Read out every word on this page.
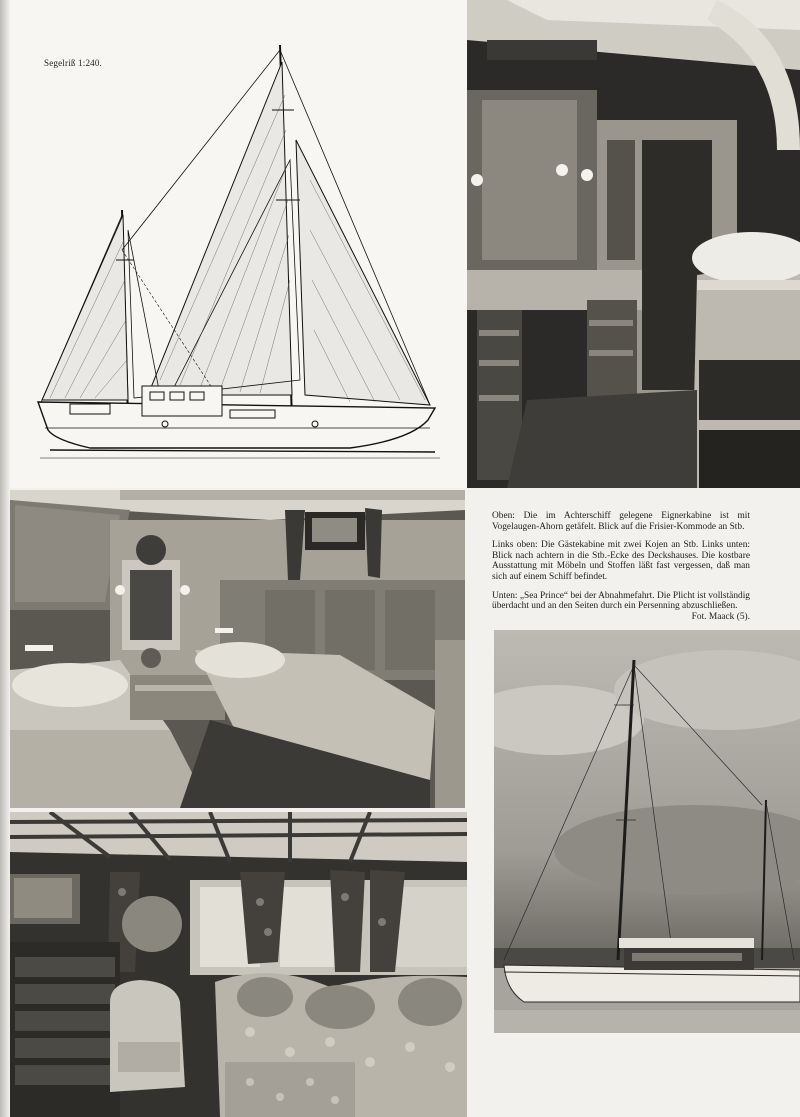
Segelriß 1:240.

Oben: Die im Achterschiff gelegene Eignerkabine ist mit Vogelaugen-Ahorn getäfelt. Blick auf die Frisier-Kommode an Stb.

Links oben: Die Gästekabine mit zwei Kojen an Stb. Links unten: Blick nach achtern in die Stb.-Ecke des Deckshauses. Die kostbare Ausstattung mit Möbeln und Stoffen läßt fast vergessen, daß man sich auf einem Schiff befindet.

Unten: „Sea Prince“ bei der Abnahmefahrt. Die Plicht ist vollständig überdacht und an den Seiten durch ein Persenning abzuschließen.
Fot. Maack (5).
